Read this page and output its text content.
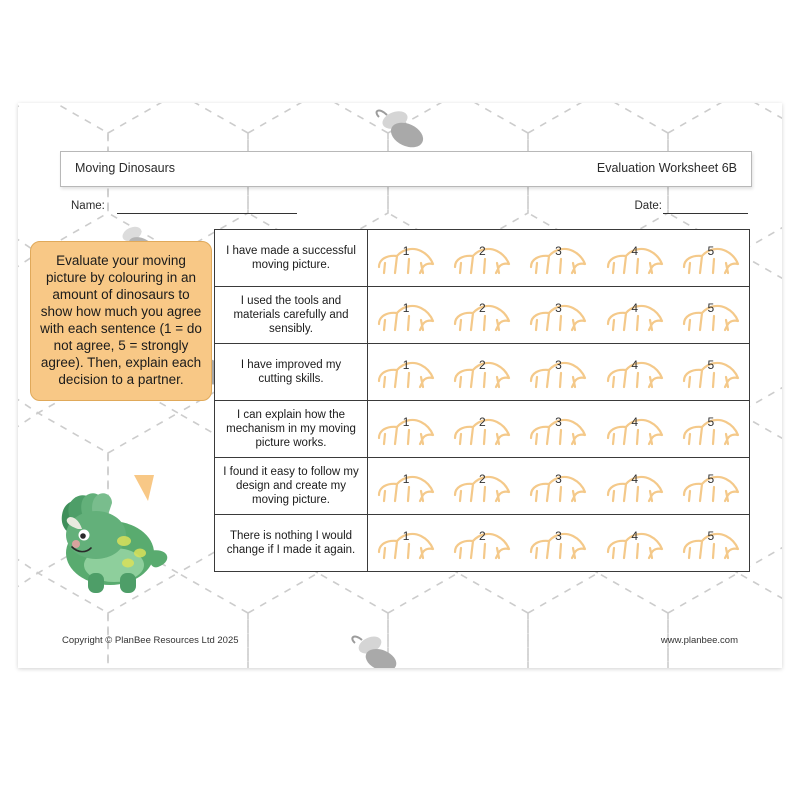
Moving Dinosaurs	Evaluation Worksheet 6B
Name:	Date:
Evaluate your moving picture by colouring in an amount of dinosaurs to show how much you agree with each sentence (1 = do not agree, 5 = strongly agree). Then, explain each decision to a partner.
I have made a successful moving picture.	1 2 3 4 5

I used the tools and materials carefully and sensibly.	1 2 3 4 5

I have improved my cutting skills.	1 2 3 4 5

I can explain how the mechanism in my moving picture works.	1 2 3 4 5

I found it easy to follow my design and create my moving picture.	1 2 3 4 5

There is nothing I would change if I made it again.	1 2 3 4 5
Copyright © PlanBee Resources Ltd 2025	www.planbee.com
